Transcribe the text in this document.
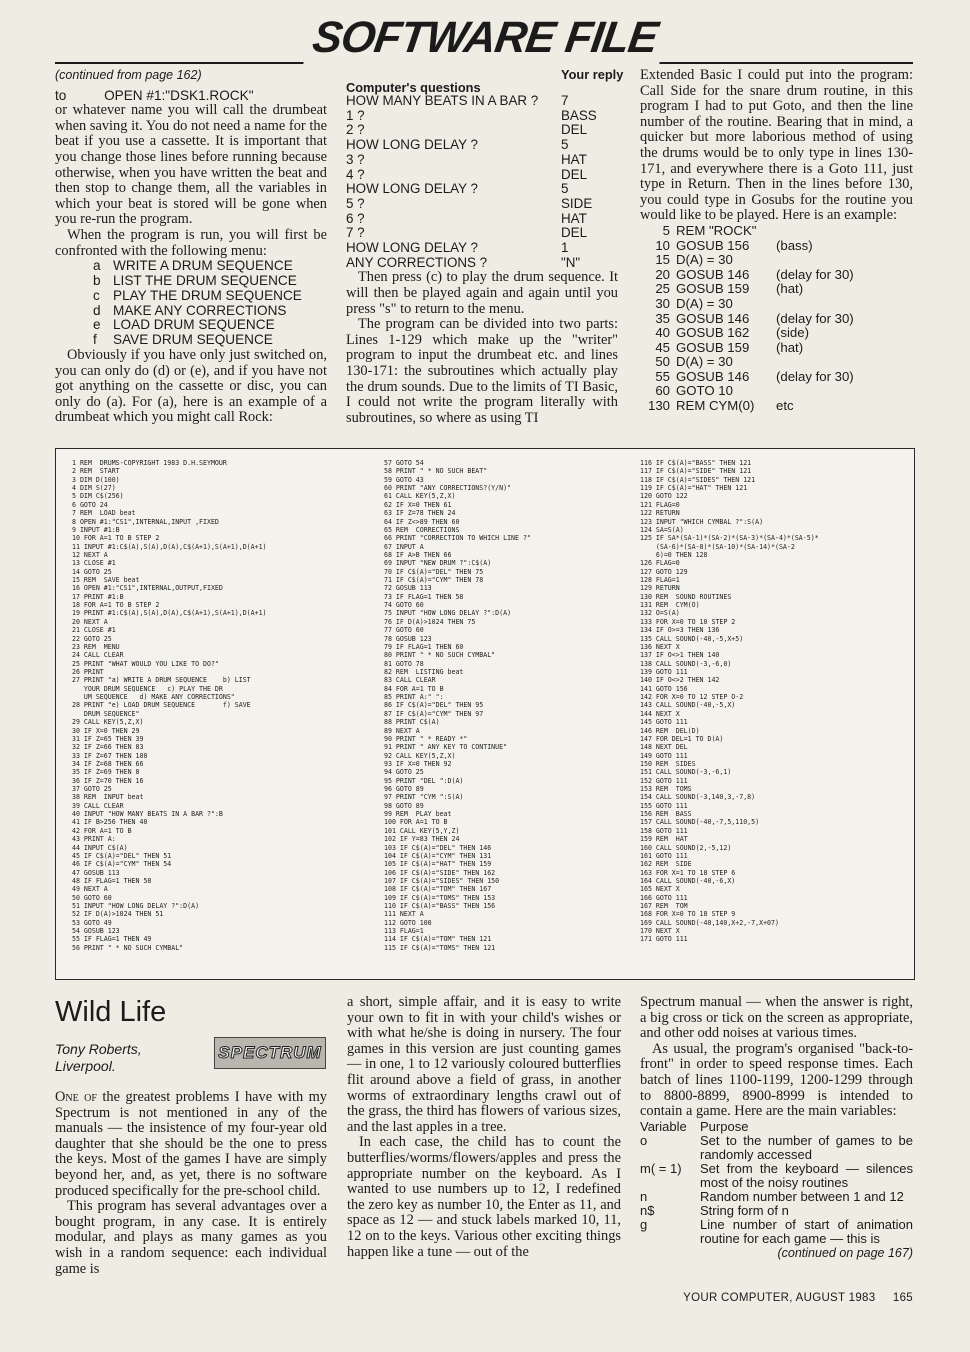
SOFTWARE FILE

(continued from page 162)

to          OPEN #1:"DSK1.ROCK"

or whatever name you will call the drumbeat when saving it. You do not need a name for the beat if you use a cassette. It is important that you change those lines before running because otherwise, when you have written the beat and then stop to change them, all the variables in which your beat is stored will be gone when you re-run the program.

When the program is run, you will first be confronted with the following menu:

a WRITE A DRUM SEQUENCE
b LIST THE DRUM SEQUENCE
c PLAY THE DRUM SEQUENCE
d MAKE ANY CORRECTIONS
e LOAD DRUM SEQUENCE
f SAVE DRUM SEQUENCE

Obviously if you have only just switched on, you can only do (d) or (e), and if you have not got anything on the cassette or disc, you can only do (a). For (a), here is an example of a drumbeat which you might call Rock:

Computer's questions
Your reply
HOW MANY BEATS IN A BAR ?	7
1 ?	BASS
2 ?	DEL
HOW LONG DELAY ?	5
3 ?	HAT
4 ?	DEL
HOW LONG DELAY ?	5
5 ?	SIDE
6 ?	HAT
7 ?	DEL
HOW LONG DELAY ?	1
ANY CORRECTIONS ?	"N"

Then press (c) to play the drum sequence. It will then be played again and again until you press "s" to return to the menu.

The program can be divided into two parts: Lines 1-129 which make up the "writer" program to input the drumbeat etc. and lines 130-171: the subroutines which actually play the drum sounds. Due to the limits of TI Basic, I could not write the program literally with subroutines, so where as using TI

Extended Basic I could put into the program: Call Side for the snare drum routine, in this program I had to put Goto, and then the line number of the routine. Bearing that in mind, a quicker but more laborious method of using the drums would be to only type in lines 130-171, and everywhere there is a Goto 111, just type in Return. Then in the lines before 130, you could type in Gosubs for the routine you would like to be played. Here is an example:

5 REM "ROCK"
10 GOSUB 156	(bass)
15 D(A) = 30
20 GOSUB 146	(delay for 30)
25 GOSUB 159	(hat)
30 D(A) = 30
35 GOSUB 146	(delay for 30)
40 GOSUB 162	(side)
45 GOSUB 159	(hat)
50 D(A) = 30
55 GOSUB 146	(delay for 30)
60 GOTO 10
130 REM CYM(0)	etc
1 REM  DRUMS-COPYRIGHT 1983 D.H.SEYMOUR
2 REM  START
3 DIM D(100)
4 DIM S(27)
5 DIM C$(256)
6 GOTO 24
7 REM  LOAD beat
8 OPEN #1:"CS1",INTERNAL,INPUT ,FIXED
9 INPUT #1:B
10 FOR A=1 TO B STEP 2
11 INPUT #1:C$(A),S(A),D(A),C$(A+1),S(A+1),D(A+1)
12 NEXT A
13 CLOSE #1
14 GOTO 25
15 REM  SAVE beat
16 OPEN #1:"CS1",INTERNAL,OUTPUT,FIXED
17 PRINT #1:B
18 FOR A=1 TO B STEP 2
19 PRINT #1:C$(A),S(A),D(A),C$(A+1),S(A+1),D(A+1)
20 NEXT A
21 CLOSE #1
22 GOTO 25
23 REM  MENU
24 CALL CLEAR
25 PRINT "WHAT WOULD YOU LIKE TO DO?"
26 PRINT
27 PRINT "a) WRITE A DRUM SEQUENCE    b) LIST
YOUR DRUM SEQUENCE   c) PLAY THE DR
UM SEQUENCE   d) MAKE ANY CORRECTIONS"
28 PRINT "e) LOAD DRUM SEQUENCE       f) SAVE
DRUM SEQUENCE"
29 CALL KEY(5,Z,X)
30 IF X=0 THEN 29
31 IF Z=65 THEN 39
32 IF Z=66 THEN 83
33 IF Z=67 THEN 100
34 IF Z=68 THEN 66
35 IF Z=69 THEN 8
36 IF Z=70 THEN 16
37 GOTO 25
38 REM  INPUT beat
39 CALL CLEAR
40 INPUT "HOW MANY BEATS IN A BAR ?":B
41 IF B>256 THEN 40
42 FOR A=1 TO B
43 PRINT A:
44 INPUT C$(A)
45 IF C$(A)="DEL" THEN 51
46 IF C$(A)="CYM" THEN 54
47 GOSUB 113
48 IF FLAG=1 THEN 58
49 NEXT A
50 GOTO 60
51 INPUT "HOW LONG DELAY ?":D(A)
52 IF D(A)>1024 THEN 51
53 GOTO 49
54 GOSUB 123
55 IF FLAG=1 THEN 49
56 PRINT " * NO SUCH CYMBAL"
57 GOTO 54
58 PRINT " * NO SUCH BEAT"
59 GOTO 43
60 PRINT "ANY CORRECTIONS?(Y/N)"
61 CALL KEY(5,Z,X)
62 IF X=0 THEN 61
63 IF Z=78 THEN 24
64 IF Z<>89 THEN 60
65 REM  CORRECTIONS
66 PRINT "CORRECTION TO WHICH LINE ?"
67 INPUT A
68 IF A>B THEN 66
69 INPUT "NEW DRUM ?":C$(A)
70 IF C$(A)="DEL" THEN 75
71 IF C$(A)="CYM" THEN 78
72 GOSUB 113
73 IF FLAG=1 THEN 58
74 GOTO 60
75 INPUT "HOW LONG DELAY ?":D(A)
76 IF D(A)>1024 THEN 75
77 GOTO 60
78 GOSUB 123
79 IF FLAG=1 THEN 60
80 PRINT " * NO SUCH CYMBAL"
81 GOTO 78
82 REM  LISTING beat
83 CALL CLEAR
84 FOR A=1 TO B
85 PRINT A:" ":
86 IF C$(A)="DEL" THEN 95
87 IF C$(A)="CYM" THEN 97
88 PRINT C$(A)
89 NEXT A
90 PRINT " * READY *"
91 PRINT " ANY KEY TO CONTINUE"
92 CALL KEY(5,Z,X)
93 IF X=0 THEN 92
94 GOTO 25
95 PRINT "DEL ":D(A)
96 GOTO 89
97 PRINT "CYM ":S(A)
98 GOTO 89
99 REM  PLAY beat
100 FOR A=1 TO B
101 CALL KEY(5,Y,Z)
102 IF Y=83 THEN 24
103 IF C$(A)="DEL" THEN 146
104 IF C$(A)="CYM" THEN 131
105 IF C$(A)="HAT" THEN 159
106 IF C$(A)="SIDE" THEN 162
107 IF C$(A)="SIDES" THEN 150
108 IF C$(A)="TOM" THEN 167
109 IF C$(A)="TOMS" THEN 153
110 IF C$(A)="BASS" THEN 156
111 NEXT A
112 GOTO 100
113 FLAG=1
114 IF C$(A)="TOM" THEN 121
115 IF C$(A)="TOMS" THEN 121
116 IF C$(A)="BASS" THEN 121
117 IF C$(A)="SIDE" THEN 121
118 IF C$(A)="SIDES" THEN 121
119 IF C$(A)="HAT" THEN 121
120 GOTO 122
121 FLAG=0
122 RETURN
123 INPUT "WHICH CYMBAL ?":S(A)
124 SA=S(A)
125 IF SA*(SA-1)*(SA-2)*(SA-3)*(SA-4)*(SA-5)*
(SA-6)*(SA-8)*(SA-10)*(SA-14)*(SA-2
6)=0 THEN 128
126 FLAG=0
127 GOTO 129
128 FLAG=1
129 RETURN
130 REM  SOUND ROUTINES
131 REM  CYM(O)
132 O=S(A)
133 FOR X=0 TO 10 STEP 2
134 IF O>=3 THEN 136
135 CALL SOUND(-40,-5,X+5)
136 NEXT X
137 IF O<>1 THEN 140
138 CALL SOUND(-3,-6,0)
139 GOTO 111
140 IF O<>2 THEN 142
141 GOTO 156
142 FOR X=0 TO 12 STEP O-2
143 CALL SOUND(-40,-5,X)
144 NEXT X
145 GOTO 111
146 REM  DEL(D)
147 FOR DEL=1 TO D(A)
148 NEXT DEL
149 GOTO 111
150 REM  SIDES
151 CALL SOUND(-3,-6,1)
152 GOTO 111
153 REM  TOMS
154 CALL SOUND(-3,140,3,-7,8)
155 GOTO 111
156 REM  BASS
157 CALL SOUND(-40,-7,5,110,5)
158 GOTO 111
159 REM  HAT
160 CALL SOUND(2,-5,12)
161 GOTO 111
162 REM  SIDE
163 FOR X=1 TO 18 STEP 6
164 CALL SOUND(-40,-6,X)
165 NEXT X
166 GOTO 111
167 REM  TOM
168 FOR X=0 TO 18 STEP 9
169 CALL SOUND(-40,140,X+2,-7,X+07)
170 NEXT X
171 GOTO 111
Wild Life
Tony Roberts,
Liverpool.
SPECTRUM

One of the greatest problems I have with my Spectrum is not mentioned in any of the manuals — the insistence of my four-year old daughter that she should be the one to press the keys. Most of the games I have are simply beyond her, and, as yet, there is no software produced specifically for the pre-school child.

This program has several advantages over a bought program, in any case. It is entirely modular, and plays as many games as you wish in a random sequence: each individual game is

a short, simple affair, and it is easy to write your own to fit in with your child's wishes or with what he/she is doing in nursery. The four games in this version are just counting games — in one, 1 to 12 variously coloured butterflies flit around above a field of grass, in another worms of extraordinary lengths crawl out of the grass, the third has flowers of various sizes, and the last apples in a tree.

In each case, the child has to count the butterflies/worms/flowers/apples and press the appropriate number on the keyboard. As I wanted to use numbers up to 12, I redefined the zero key as number 10, the Enter as 11, and space as 12 — and stuck labels marked 10, 11, 12 on to the keys. Various other exciting things happen like a tune — out of the

Spectrum manual — when the answer is right, a big cross or tick on the screen as appropriate, and other odd noises at various times.

As usual, the program's organised "back-to-front" in order to speed response times. Each batch of lines 1100-1199, 1200-1299 through to 8800-8899, 8900-8999 is intended to contain a game. Here are the main variables:

Variable	Purpose
o	Set to the number of games to be randomly accessed
m( = 1)	Set from the keyboard — silences most of the noisy routines
n	Random number between 1 and 12
n$	String form of n
g	Line number of start of animation routine for each game — this is

(continued on page 167)

YOUR COMPUTER, AUGUST 1983 165
